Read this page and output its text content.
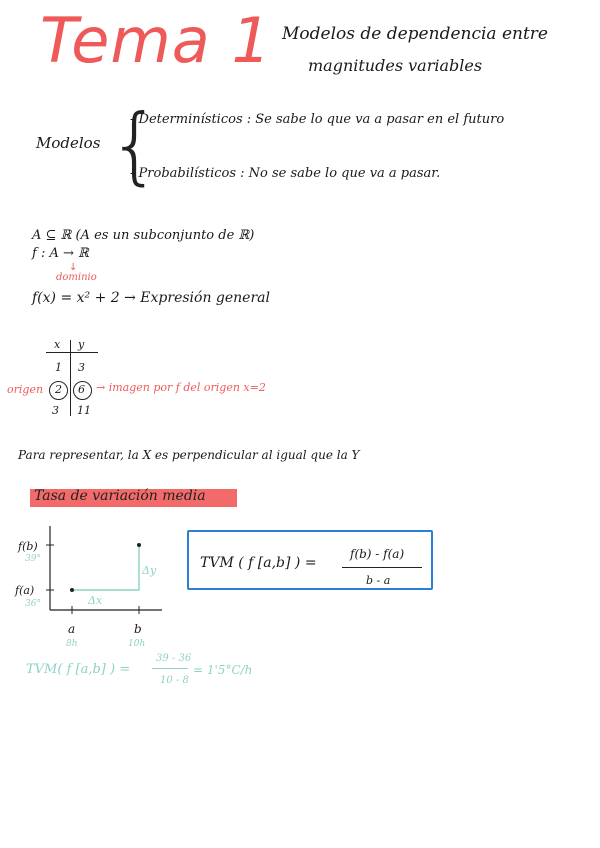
Tema 1 Modelos de dependencia entre
magnitudes variables
Modelos {
- Determinísticos : Se sabe lo que va a pasar en el futuro
- Probabilísticos : No se sabe lo que va a pasar.
A ⊆ ℝ (A es un subconjunto de ℝ)
f : A → ℝ
↓
dominio
f(x) = x² + 2 → Expresión general
x y
1 3
2 6
3 11
origen	→ imagen por f del origen x=2
Para representar, la X es perpendicular al igual que la Y
Tasa de variación media
Δy
Δx
f(b)
39°
f(a)
36°
a	b
8h	10h
TVM ( f [a,b] ) =
f(b) - f(a)
b - a
TVM( f [a,b] ) =
39 - 36
10 - 8
= 1'5°C/h
